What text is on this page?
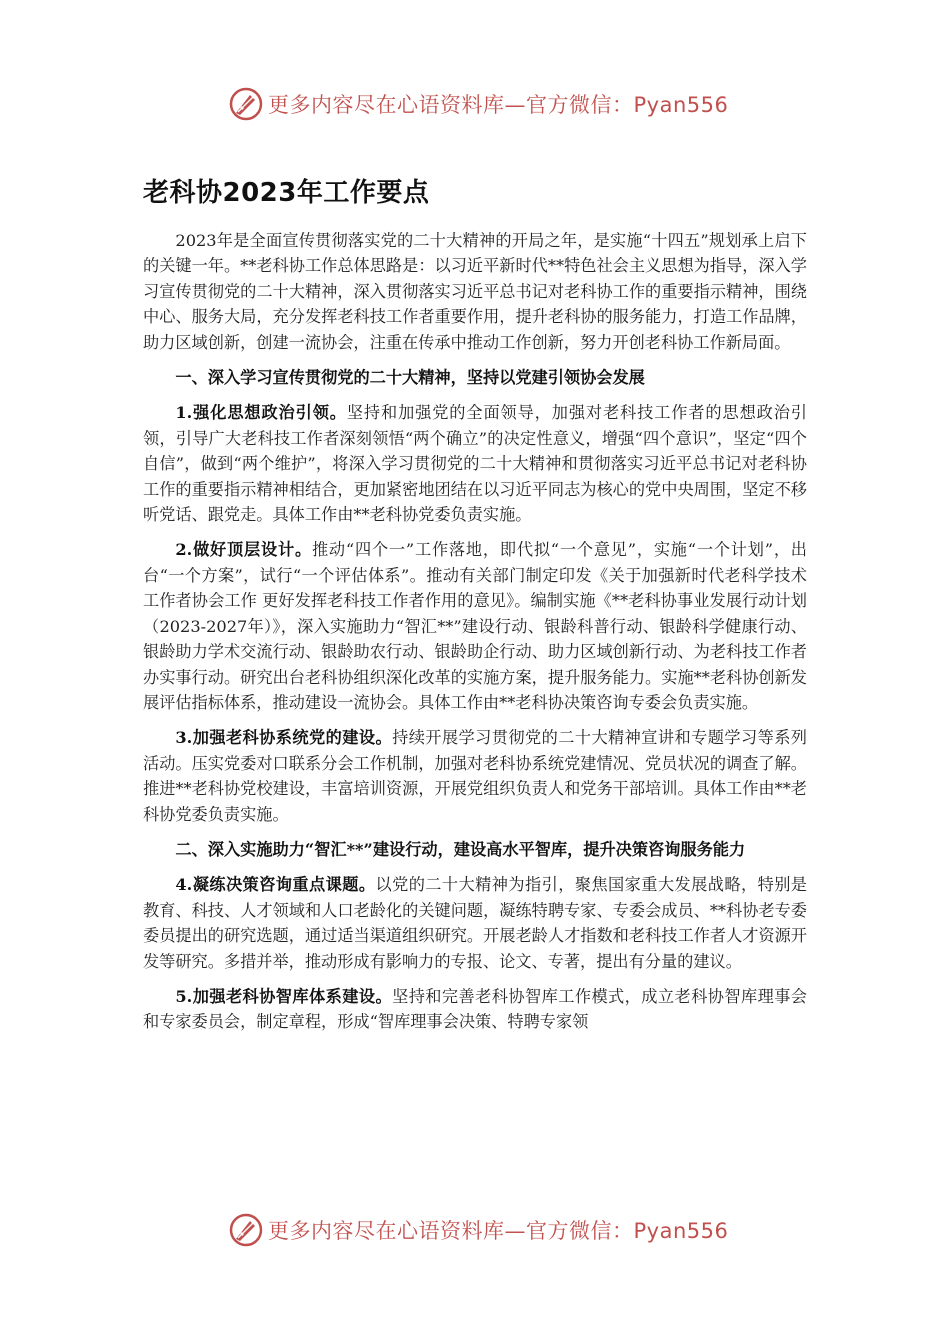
更多内容尽在心语资料库—官方微信：Pyan556
老科协2023年工作要点

2023年是全面宣传贯彻落实党的二十大精神的开局之年，是实施“十四五”规划承上启下的关键一年。**老科协工作总体思路是：以习近平新时代**特色社会主义思想为指导，深入学习宣传贯彻党的二十大精神，深入贯彻落实习近平总书记对老科协工作的重要指示精神，围绕中心、服务大局，充分发挥老科技工作者重要作用，提升老科协的服务能力，打造工作品牌，助力区域创新，创建一流协会，注重在传承中推动工作创新，努力开创老科协工作新局面。

一、深入学习宣传贯彻党的二十大精神，坚持以党建引领协会发展

1.强化思想政治引领。坚持和加强党的全面领导，加强对老科技工作者的思想政治引领，引导广大老科技工作者深刻领悟“两个确立”的决定性意义，增强“四个意识”，坚定“四个自信”，做到“两个维护”，将深入学习贯彻党的二十大精神和贯彻落实习近平总书记对老科协工作的重要指示精神相结合，更加紧密地团结在以习近平同志为核心的党中央周围，坚定不移听党话、跟党走。具体工作由**老科协党委负责实施。

2.做好顶层设计。推动“四个一”工作落地，即代拟“一个意见”，实施“一个计划”，出台“一个方案”，试行“一个评估体系”。推动有关部门制定印发《关于加强新时代老科学技术工作者协会工作 更好发挥老科技工作者作用的意见》。编制实施《**老科协事业发展行动计划（2023-2027年）》，深入实施助力“智汇**”建设行动、银龄科普行动、银龄科学健康行动、银龄助力学术交流行动、银龄助农行动、银龄助企行动、助力区域创新行动、为老科技工作者办实事行动。研究出台老科协组织深化改革的实施方案，提升服务能力。实施**老科协创新发展评估指标体系，推动建设一流协会。具体工作由**老科协决策咨询专委会负责实施。

3.加强老科协系统党的建设。持续开展学习贯彻党的二十大精神宣讲和专题学习等系列活动。压实党委对口联系分会工作机制，加强对老科协系统党建情况、党员状况的调查了解。推进**老科协党校建设，丰富培训资源，开展党组织负责人和党务干部培训。具体工作由**老科协党委负责实施。

二、深入实施助力“智汇**”建设行动，建设高水平智库，提升决策咨询服务能力

4.凝练决策咨询重点课题。以党的二十大精神为指引，聚焦国家重大发展战略，特别是教育、科技、人才领域和人口老龄化的关键问题，凝练特聘专家、专委会成员、**科协老专委委员提出的研究选题，通过适当渠道组织研究。开展老龄人才指数和老科技工作者人才资源开发等研究。多措并举，推动形成有影响力的专报、论文、专著，提出有分量的建议。

5.加强老科协智库体系建设。坚持和完善老科协智库工作模式，成立老科协智库理事会和专家委员会，制定章程，形成“智库理事会决策、特聘专家领

更多内容尽在心语资料库—官方微信：Pyan556
